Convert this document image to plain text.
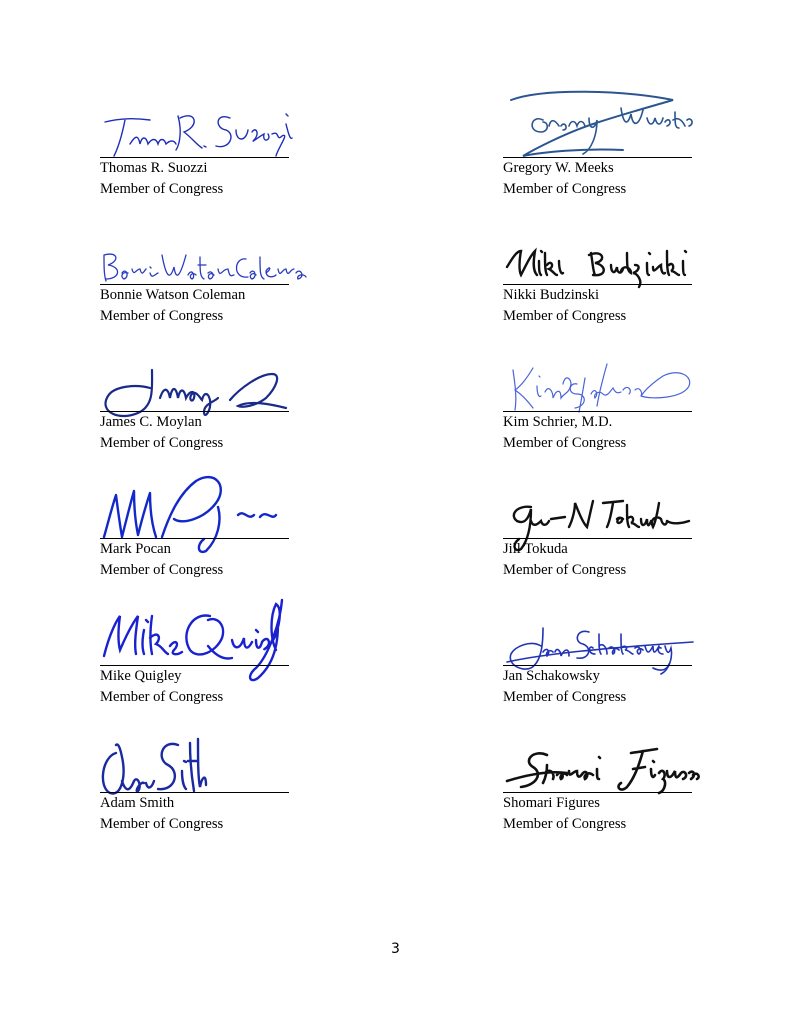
Thomas R. Suozzi
Member of Congress
Bonnie Watson Coleman
Member of Congress
James C. Moylan
Member of Congress
Mark Pocan
Member of Congress
Mike Quigley
Member of Congress
Adam Smith
Member of Congress
Gregory W. Meeks
Member of Congress
Nikki Budzinski
Member of Congress
Kim Schrier, M.D.
Member of Congress
Jill Tokuda
Member of Congress
Jan Schakowsky
Member of Congress
Shomari Figures
Member of Congress
3
